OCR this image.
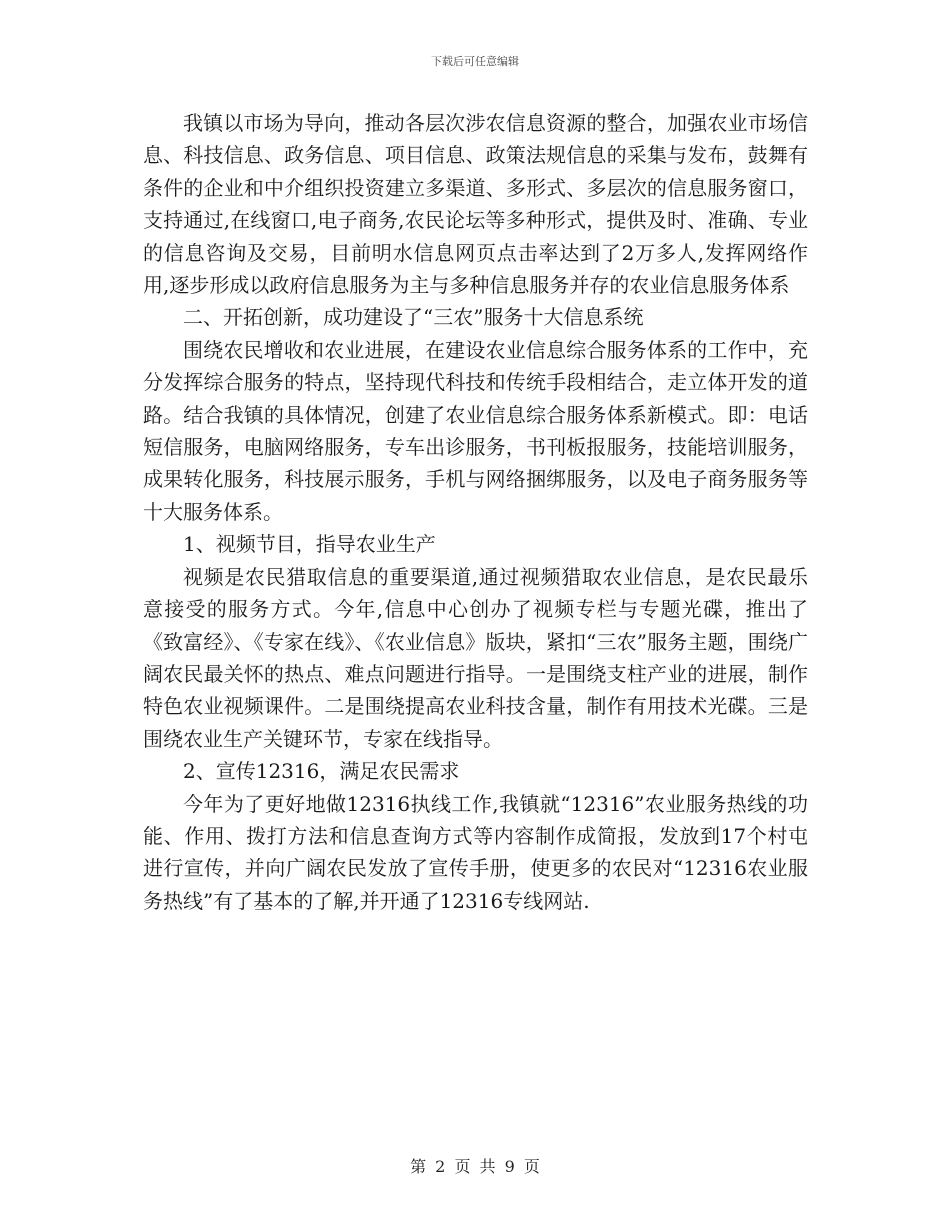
下载后可任意编辑

我镇以市场为导向，推动各层次涉农信息资源的整合，加强农业市场信息、科技信息、政务信息、项目信息、政策法规信息的采集与发布，鼓舞有条件的企业和中介组织投资建立多渠道、多形式、多层次的信息服务窗口，支持通过,在线窗口,电子商务,农民论坛等多种形式，提供及时、准确、专业的信息咨询及交易，目前明水信息网页点击率达到了2万多人,发挥网络作用,逐步形成以政府信息服务为主与多种信息服务并存的农业信息服务体系

二、开拓创新，成功建设了“三农”服务十大信息系统

围绕农民增收和农业进展，在建设农业信息综合服务体系的工作中，充分发挥综合服务的特点，坚持现代科技和传统手段相结合，走立体开发的道路。结合我镇的具体情况，创建了农业信息综合服务体系新模式。即：电话短信服务，电脑网络服务，专车出诊服务，书刊板报服务，技能培训服务，成果转化服务，科技展示服务，手机与网络捆绑服务，以及电子商务服务等十大服务体系。

1、视频节目，指导农业生产

视频是农民猎取信息的重要渠道,通过视频猎取农业信息，是农民最乐意接受的服务方式。今年,信息中心创办了视频专栏与专题光碟，推出了《致富经》、《专家在线》、《农业信息》版块，紧扣“三农”服务主题，围绕广阔农民最关怀的热点、难点问题进行指导。一是围绕支柱产业的进展，制作特色农业视频课件。二是围绕提高农业科技含量，制作有用技术光碟。三是围绕农业生产关键环节，专家在线指导。

2、宣传12316，满足农民需求

今年为了更好地做12316执线工作,我镇就“12316”农业服务热线的功能、作用、拨打方法和信息查询方式等内容制作成简报，发放到17个村屯进行宣传，并向广阔农民发放了宣传手册，使更多的农民对“12316农业服务热线”有了基本的了解,并开通了12316专线网站.

第 2 页 共 9 页
